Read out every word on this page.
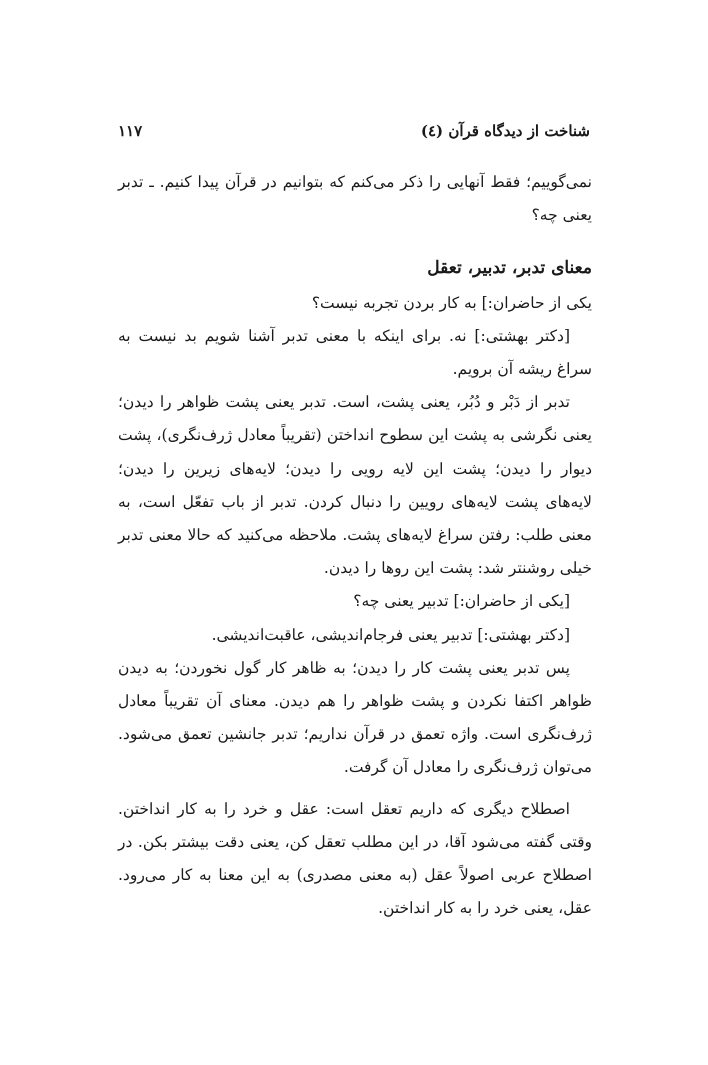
شناخت از دیدگاه قرآن (٤)
١١٧

نمی‌گوییم؛ فقط آنهایی را ذکر می‌کنم که بتوانیم در قرآن پیدا کنیم. ـ تدبر یعنی چه؟

معنای تدبر، تدبیر، تعقل

یکی از حاضران:] به کار بردن تجربه نیست؟

[دکتر بهشتی:] نه. برای اینکه با معنی تدبر آشنا شویم بد نیست به سراغ ریشه آن برویم.

تدبر از دَبْر و دُبُر، یعنی پشت، است. تدبر یعنی پشت ظواهر را دیدن؛ یعنی نگرشی به پشت این سطوح انداختن (تقریباً معادل ژرف‌نگری)، پشت دیوار را دیدن؛ پشت این لایه رویی را دیدن؛ لایه‌های زیرین را دیدن؛ لایه‌های پشت لایه‌های رویین را دنبال کردن. تدبر از باب تفعّل است، به معنی طلب: رفتن سراغ لایه‌های پشت. ملاحظه می‌کنید که حالا معنی تدبر خیلی روشنتر شد: پشت این روها را دیدن.

[یکی از حاضران:] تدبیر یعنی چه؟

[دکتر بهشتی:] تدبیر یعنی فرجام‌اندیشی، عاقبت‌اندیشی.

پس تدبر یعنی پشت کار را دیدن؛ به ظاهر کار گول نخوردن؛ به دیدن ظواهر اکتفا نکردن و پشت ظواهر را هم دیدن. معنای آن تقریباً معادل ژرف‌نگری است. واژه تعمق در قرآن نداریم؛ تدبر جانشین تعمق می‌شود. می‌توان ژرف‌نگری را معادل آن گرفت.

اصطلاح دیگری که داریم تعقل است: عقل و خرد را به کار انداختن. وقتی گفته می‌شود آقا، در این مطلب تعقل کن، یعنی دقت بیشتر بکن. در اصطلاح عربی اصولاً عقل (به معنی مصدری) به این معنا به کار می‌رود. عقل، یعنی خرد را به کار انداختن.
